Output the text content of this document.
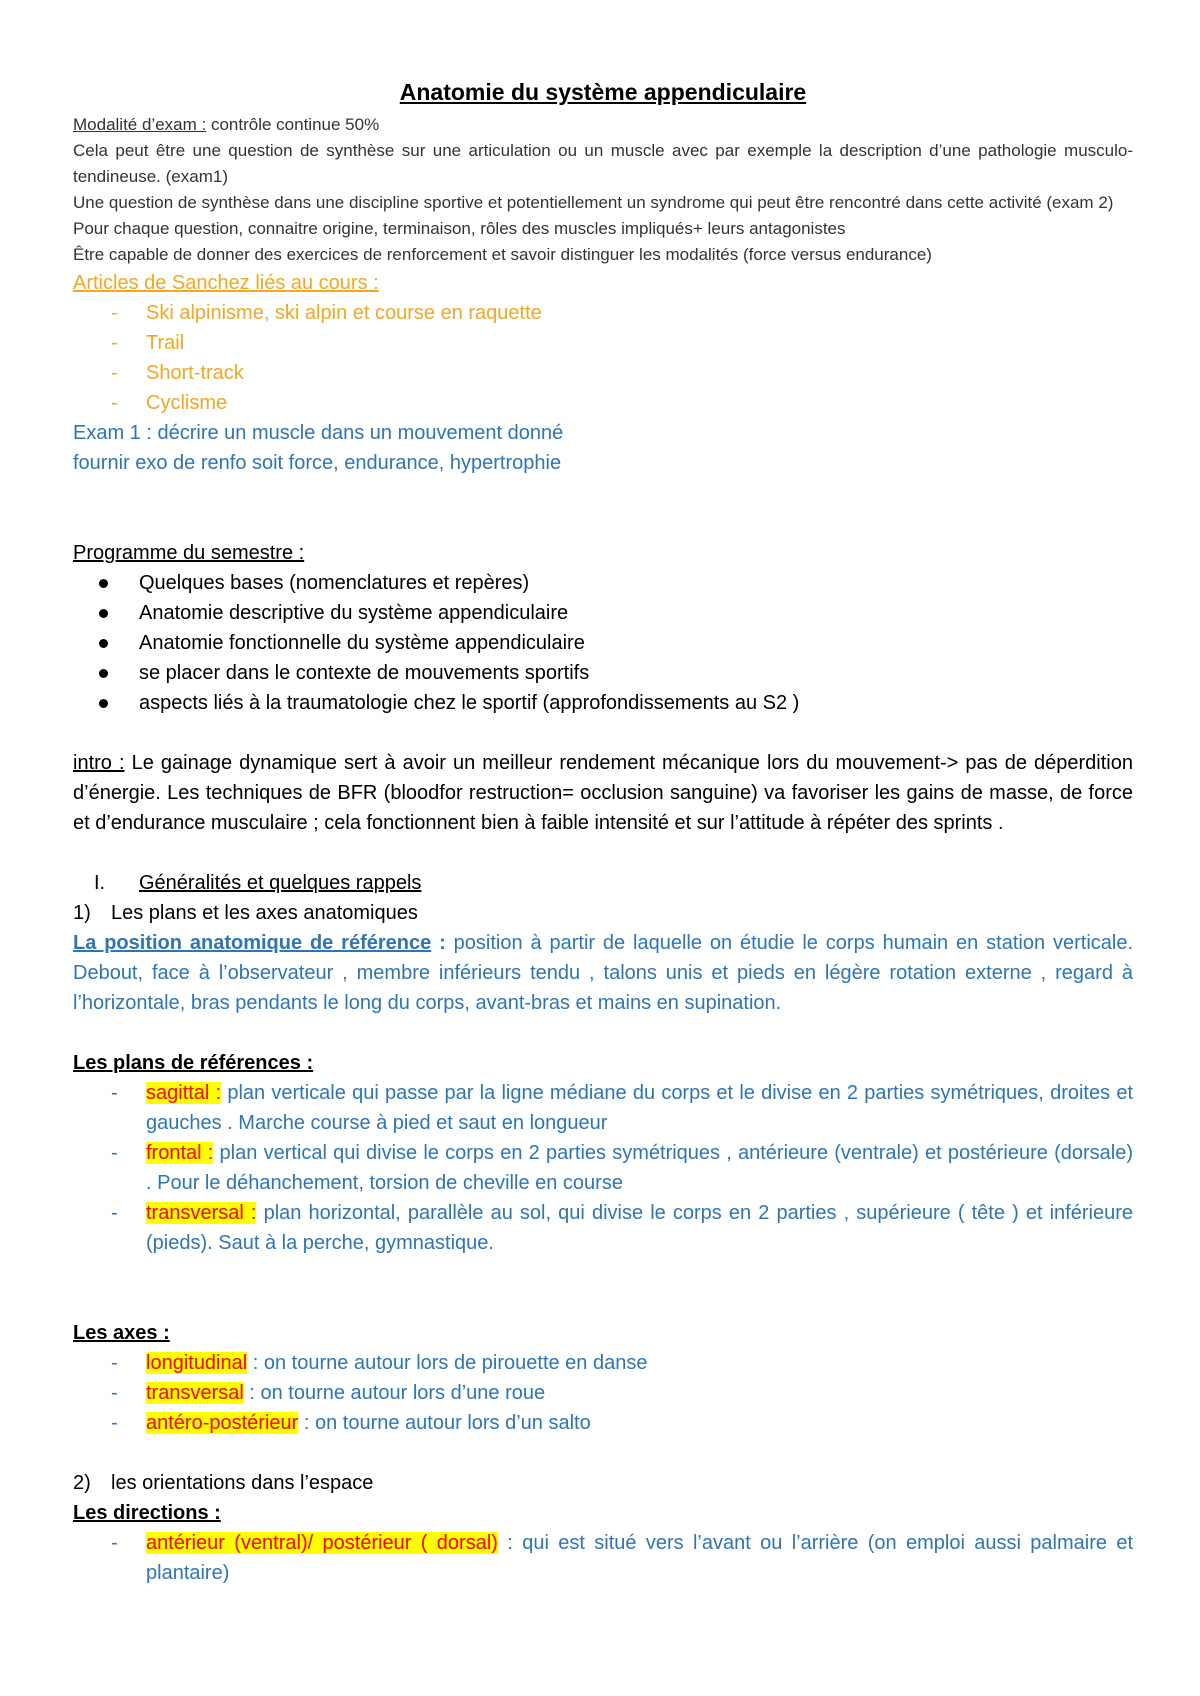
Anatomie du système appendiculaire
Modalité d’exam : contrôle continue 50%
Cela peut être une question de synthèse sur une articulation ou un muscle avec par exemple la description d’une pathologie musculo-tendineuse. (exam1)
Une question de synthèse dans une discipline sportive et potentiellement un syndrome qui peut être rencontré dans cette activité (exam 2)
Pour chaque question, connaitre origine, terminaison, rôles des muscles impliqués+ leurs antagonistes
Être capable de donner des exercices de renforcement et savoir distinguer les modalités (force versus endurance)
Articles de Sanchez liés au cours :
- Ski alpinisme, ski alpin et course en raquette
- Trail
- Short-track
- Cyclisme
Exam 1 : décrire un muscle dans un mouvement donné
fournir exo de renfo soit force, endurance, hypertrophie
Programme du semestre :
Quelques bases (nomenclatures et repères)
Anatomie descriptive du système appendiculaire
Anatomie fonctionnelle du système appendiculaire
se placer dans le contexte de mouvements sportifs
aspects liés à la traumatologie chez le sportif (approfondissements au S2 )
intro : Le gainage dynamique sert à avoir un meilleur rendement mécanique lors du mouvement-> pas de déperdition d’énergie. Les techniques de BFR (bloodfor restruction= occlusion sanguine) va favoriser les gains de masse, de force et d’endurance musculaire ; cela fonctionnent bien à faible intensité et sur l’attitude à répéter des sprints .
I. Généralités et quelques rappels
1) Les plans et les axes anatomiques
La position anatomique de référence : position à partir de laquelle on étudie le corps humain en station verticale. Debout, face à l’observateur , membre inférieurs tendu , talons unis et pieds en légère rotation externe , regard à l’horizontale, bras pendants le long du corps, avant-bras et mains en supination.
Les plans de références :
- sagittal : plan verticale qui passe par la ligne médiane du corps et le divise en 2 parties symétriques, droites et gauches . Marche course à pied et saut en longueur
- frontal : plan vertical qui divise le corps en 2 parties symétriques , antérieure (ventrale) et postérieure (dorsale) . Pour le déhanchement, torsion de cheville en course
- transversal : plan horizontal, parallèle au sol, qui divise le corps en 2 parties , supérieure ( tête ) et inférieure (pieds). Saut à la perche, gymnastique.
Les axes :
- longitudinal : on tourne autour lors de pirouette en danse
- transversal : on tourne autour lors d’une roue
- antéro-postérieur : on tourne autour lors d’un salto
2) les orientations dans l’espace
Les directions :
- antérieur (ventral)/ postérieur ( dorsal) : qui est situé vers l’avant ou l’arrière (on emploi aussi palmaire et plantaire)
